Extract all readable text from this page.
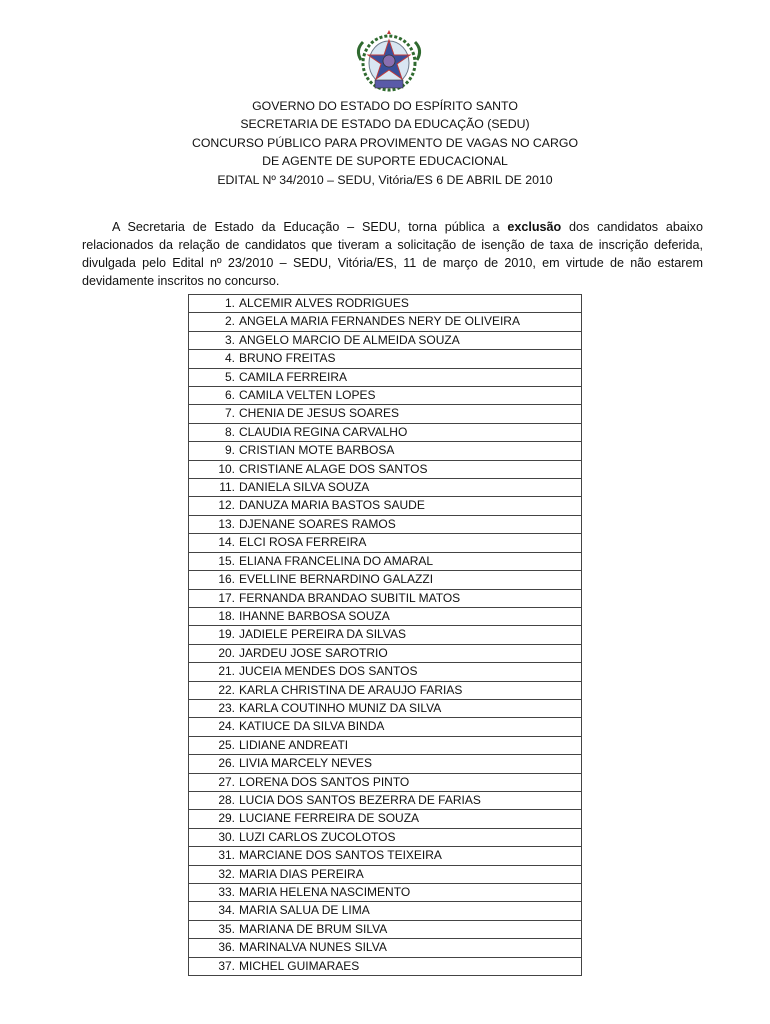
GOVERNO DO ESTADO DO ESPÍRITO SANTO
SECRETARIA DE ESTADO DA EDUCAÇÃO (SEDU)
CONCURSO PÚBLICO PARA PROVIMENTO DE VAGAS NO CARGO
DE AGENTE DE SUPORTE EDUCACIONAL
EDITAL Nº 34/2010 – SEDU, Vitória/ES 6 DE ABRIL DE 2010

A Secretaria de Estado da Educação – SEDU, torna pública a exclusão dos candidatos abaixo relacionados da relação de candidatos que tiveram a solicitação de isenção de taxa de inscrição deferida, divulgada pelo Edital nº 23/2010 – SEDU, Vitória/ES, 11 de março de 2010, em virtude de não estarem devidamente inscritos no concurso.

1. ALCEMIR ALVES RODRIGUES
2. ANGELA MARIA FERNANDES NERY DE OLIVEIRA
3. ANGELO MARCIO DE ALMEIDA SOUZA
4. BRUNO FREITAS
5. CAMILA FERREIRA
6. CAMILA VELTEN LOPES
7. CHENIA DE JESUS SOARES
8. CLAUDIA REGINA CARVALHO
9. CRISTIAN MOTE BARBOSA
10. CRISTIANE ALAGE DOS SANTOS
11. DANIELA SILVA SOUZA
12. DANUZA MARIA BASTOS SAUDE
13. DJENANE SOARES RAMOS
14. ELCI ROSA FERREIRA
15. ELIANA FRANCELINA DO AMARAL
16. EVELLINE BERNARDINO GALAZZI
17. FERNANDA BRANDAO SUBITIL MATOS
18. IHANNE BARBOSA SOUZA
19. JADIELE PEREIRA DA SILVAS
20. JARDEU JOSE SAROTRIO
21. JUCEIA MENDES DOS SANTOS
22. KARLA CHRISTINA DE ARAUJO FARIAS
23. KARLA COUTINHO MUNIZ DA SILVA
24. KATIUCE DA SILVA BINDA
25. LIDIANE ANDREATI
26. LIVIA MARCELY NEVES
27. LORENA DOS SANTOS PINTO
28. LUCIA DOS SANTOS BEZERRA DE FARIAS
29. LUCIANE FERREIRA DE SOUZA
30. LUZI CARLOS ZUCOLOTOS
31. MARCIANE DOS SANTOS TEIXEIRA
32. MARIA DIAS PEREIRA
33. MARIA HELENA NASCIMENTO
34. MARIA SALUA DE LIMA
35. MARIANA DE BRUM SILVA
36. MARINALVA NUNES SILVA
37. MICHEL GUIMARAES
